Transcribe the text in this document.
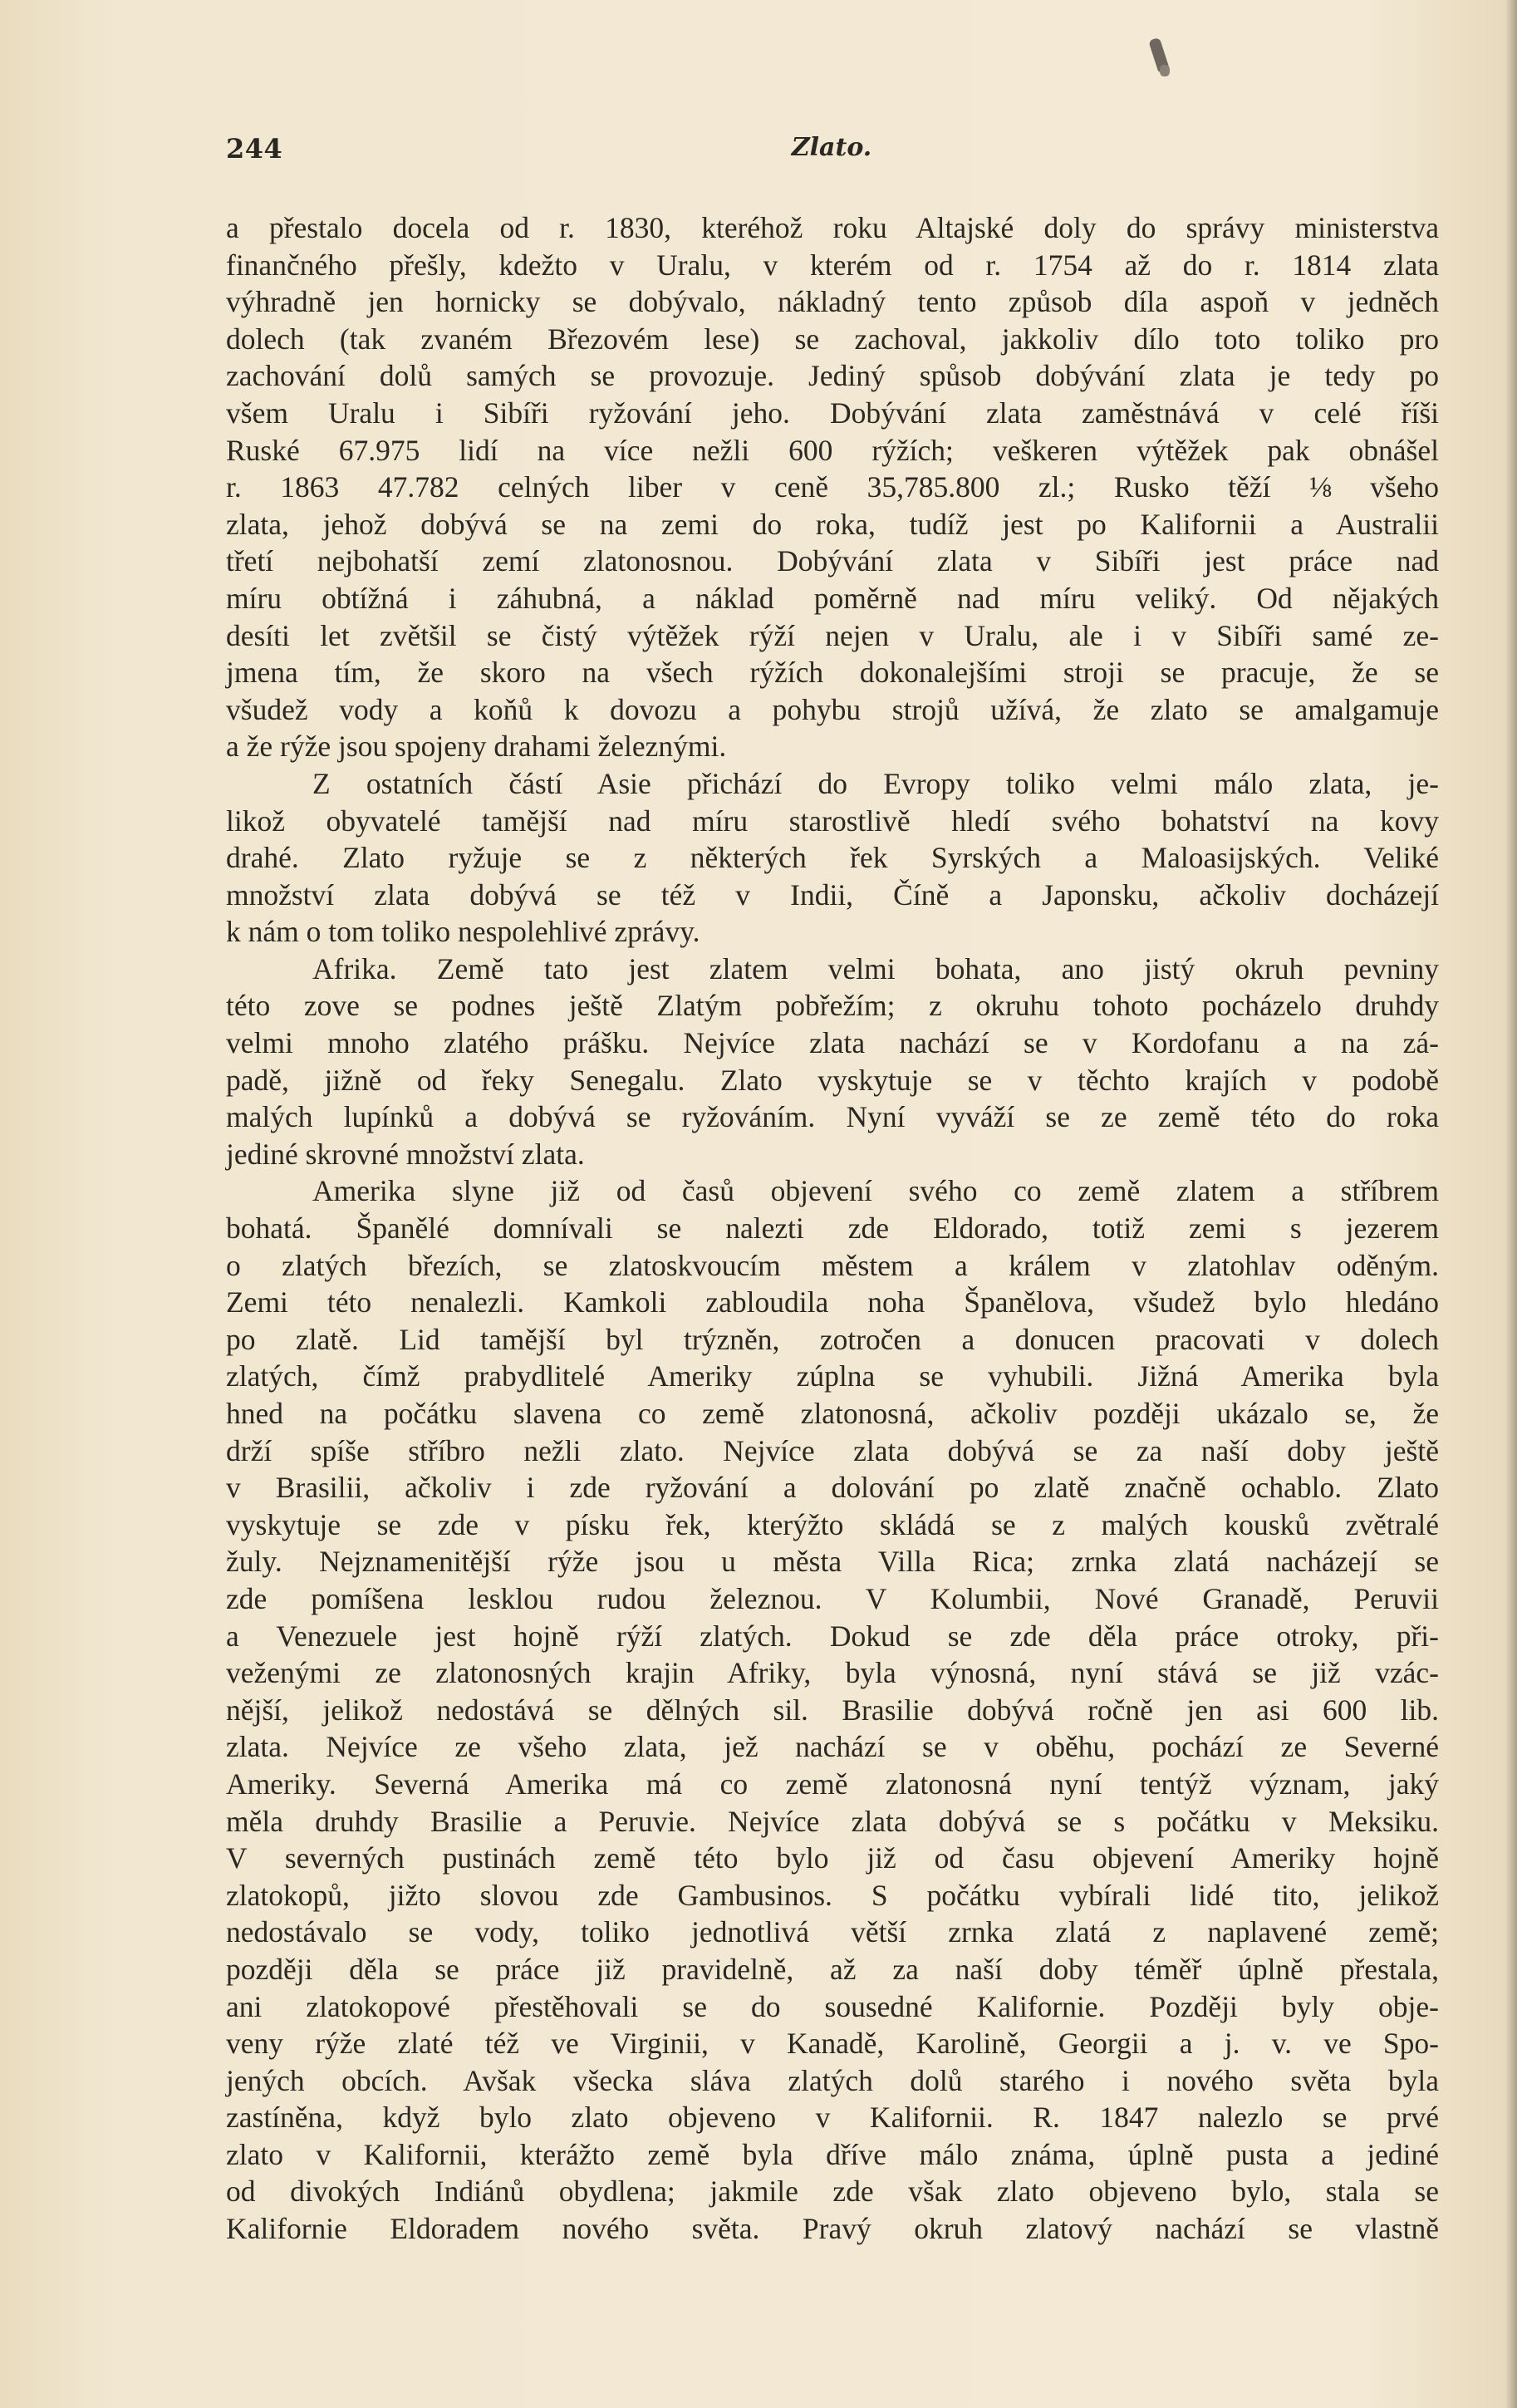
244	Zlato.
a přestalo docela od r. 1830, kteréhož roku Altajské doly do správy ministerstva
finančného přešly, kdežto v Uralu, v kterém od r. 1754 až do r. 1814 zlata
výhradně jen hornicky se dobývalo, nákladný tento způsob díla aspoň v jedněch
dolech (tak zvaném Březovém lese) se zachoval, jakkoliv dílo toto toliko pro
zachování dolů samých se provozuje. Jediný spůsob dobývání zlata je tedy po
všem Uralu i Sibíři ryžování jeho. Dobývání zlata zaměstnává v celé říši
Ruské 67.975 lidí na více nežli 600 rýžích; veškeren výtěžek pak obnášel
r. 1863 47.782 celných liber v ceně 35,785.800 zl.; Rusko těží ⅛ všeho
zlata, jehož dobývá se na zemi do roka, tudíž jest po Kalifornii a Australii
třetí nejbohatší zemí zlatonosnou. Dobývání zlata v Sibíři jest práce nad
míru obtížná i záhubná, a náklad poměrně nad míru veliký. Od nějakých
desíti let zvětšil se čistý výtěžek rýží nejen v Uralu, ale i v Sibíři samé ze-
jmena tím, že skoro na všech rýžích dokonalejšími stroji se pracuje, že se
všudež vody a koňů k dovozu a pohybu strojů užívá, že zlato se amalgamuje
a že rýže jsou spojeny drahami železnými.
Z ostatních částí Asie přichází do Evropy toliko velmi málo zlata, je-
likož obyvatelé tamější nad míru starostlivě hledí svého bohatství na kovy
drahé. Zlato ryžuje se z některých řek Syrských a Maloasijských. Veliké
množství zlata dobývá se též v Indii, Číně a Japonsku, ačkoliv docházejí
k nám o tom toliko nespolehlivé zprávy.
Afrika. Země tato jest zlatem velmi bohata, ano jistý okruh pevniny
této zove se podnes ještě Zlatým pobřežím; z okruhu tohoto pocházelo druhdy
velmi mnoho zlatého prášku. Nejvíce zlata nachází se v Kordofanu a na zá-
padě, jižně od řeky Senegalu. Zlato vyskytuje se v těchto krajích v podobě
malých lupínků a dobývá se ryžováním. Nyní vyváží se ze země této do roka
jediné skrovné množství zlata.
Amerika slyne již od časů objevení svého co země zlatem a stříbrem
bohatá. Španělé domnívali se nalezti zde Eldorado, totiž zemi s jezerem
o zlatých březích, se zlatoskvoucím městem a králem v zlatohlav oděným.
Zemi této nenalezli. Kamkoli zabloudila noha Španělova, všudež bylo hledáno
po zlatě. Lid tamější byl trýzněn, zotročen a donucen pracovati v dolech
zlatých, čímž prabydlitelé Ameriky zúplna se vyhubili. Jižná Amerika byla
hned na počátku slavena co země zlatonosná, ačkoliv později ukázalo se, že
drží spíše stříbro nežli zlato. Nejvíce zlata dobývá se za naší doby ještě
v Brasilii, ačkoliv i zde ryžování a dolování po zlatě značně ochablo. Zlato
vyskytuje se zde v písku řek, kterýžto skládá se z malých kousků zvětralé
žuly. Nejznamenitější rýže jsou u města Villa Rica; zrnka zlatá nacházejí se
zde pomíšena lesklou rudou železnou. V Kolumbii, Nové Granadě, Peruvii
a Venezuele jest hojně rýží zlatých. Dokud se zde děla práce otroky, při-
veženými ze zlatonosných krajin Afriky, byla výnosná, nyní stává se již vzác-
nější, jelikož nedostává se dělných sil. Brasilie dobývá ročně jen asi 600 lib.
zlata. Nejvíce ze všeho zlata, jež nachází se v oběhu, pochází ze Severné
Ameriky. Severná Amerika má co země zlatonosná nyní tentýž význam, jaký
měla druhdy Brasilie a Peruvie. Nejvíce zlata dobývá se s počátku v Meksiku.
V severných pustinách země této bylo již od času objevení Ameriky hojně
zlatokopů, jižto slovou zde Gambusinos. S počátku vybírali lidé tito, jelikož
nedostávalo se vody, toliko jednotlivá větší zrnka zlatá z naplavené země;
později děla se práce již pravidelně, až za naší doby téměř úplně přestala,
ani zlatokopové přestěhovali se do sousedné Kalifornie. Později byly obje-
veny rýže zlaté též ve Virginii, v Kanadě, Karolině, Georgii a j. v. ve Spo-
jených obcích. Avšak všecka sláva zlatých dolů starého i nového světa byla
zastíněna, když bylo zlato objeveno v Kalifornii. R. 1847 nalezlo se prvé
zlato v Kalifornii, kterážto země byla dříve málo známa, úplně pusta a jediné
od divokých Indiánů obydlena; jakmile zde však zlato objeveno bylo, stala se
Kalifornie Eldoradem nového světa. Pravý okruh zlatový nachází se vlastně
